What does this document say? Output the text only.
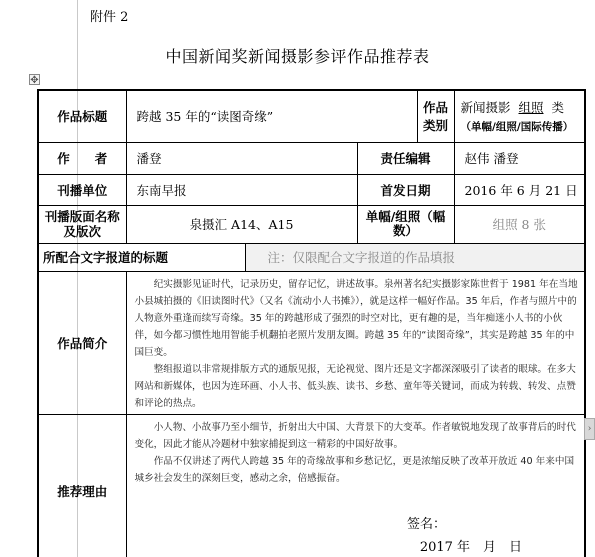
附件 2
中国新闻奖新闻摄影参评作品推荐表
✥
作品标题	跨越 35 年的“读图奇缘”			作品类别	新闻摄影 组照 类
（单幅/组照/国际传播）

作　　者	潘登		责任编辑		赵伟 潘登
刊播单位	东南早报		首发日期		2016 年 6 月 21 日
刊播版面名称及版次	泉摄汇 A14、A15		单幅/组照（幅数）		组照 8 张
所配合文字报道的标题		注：仅限配合文字报道的作品填报			
作品简介	纪实摄影见证时代，记录历史，留存记忆，讲述故事。泉州著名纪实摄影家陈世哲于 1981 年在当地小县城拍摄的《旧读图时代》（又名《流动小人书摊》），就是这样一幅好作品。35 年后，作者与照片中的人物意外重逢而续写奇缘。35 年的跨越形成了强烈的时空对比，更有趣的是，当年痴迷小人书的小伙伴，如今都习惯性地用智能手机翻拍老照片发朋友圈。跨越 35 年的“读图奇缘”，其实是跨越 35 年的中国巨变。

整组报道以非常规排版方式的通版见报，无论视觉、图片还是文字都深深吸引了读者的眼球。在多大网站和新媒体，也因为连环画、小人书、低头族、读书、乡愁、童年等关键词，而成为转载、转发、点赞和评论的热点。				

推荐理由	小人物、小故事乃至小细节，折射出大中国、大背景下的大变革。作者敏锐地发现了故事背后的时代变化，因此才能从冷题材中独家捕捉到这一精彩的中国好故事。

作品不仅讲述了两代人跨越 35 年的奇缘故事和乡愁记忆，更是浓缩反映了改革开放近 40 年来中国城乡社会发生的深刻巨变，感动之余，倍感振奋。

签名：
2017 年　月　日				
›
